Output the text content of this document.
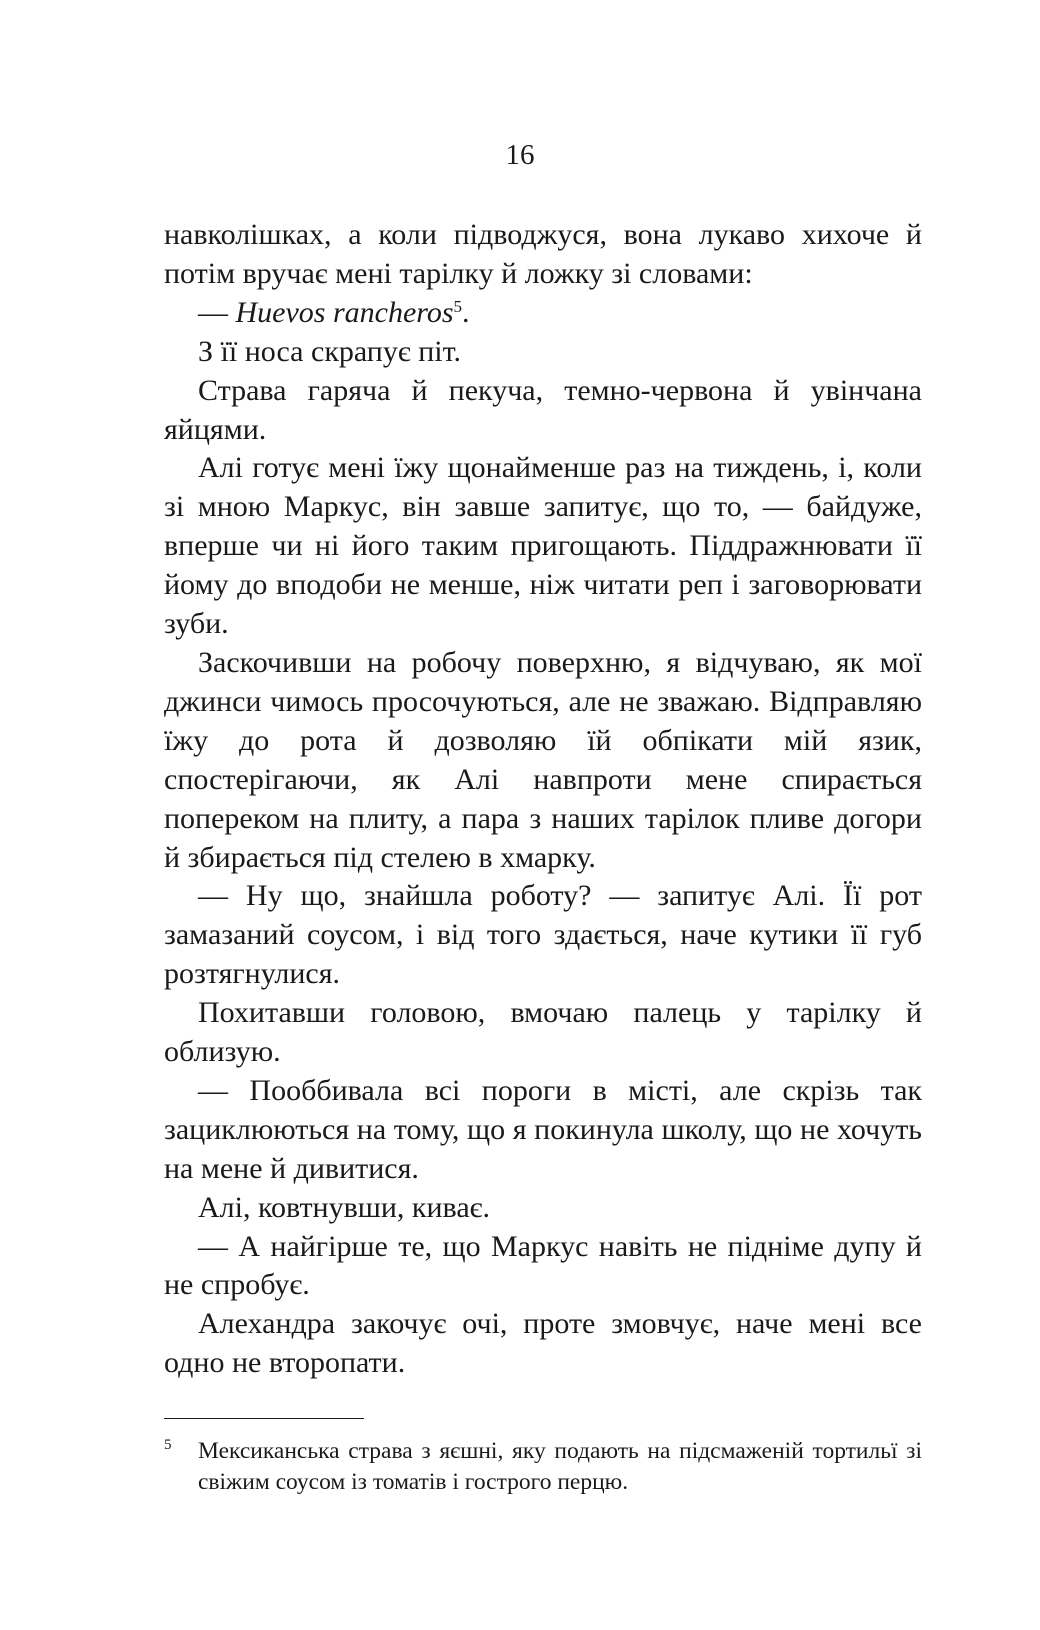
16

навколішках, а коли підводжуся, вона лукаво хихоче й потім вручає мені тарілку й ложку зі словами:

— Huevos rancheros$^5$.

З її носа скрапує піт.

Страва гаряча й пекуча, темно-червона й увінчана яйцями.

Алі готує мені їжу щонайменше раз на тиждень, і, коли зі мною Маркус, він завше запитує, що то, — байдуже, вперше чи ні його таким пригощають. Піддражнювати її йому до вподоби не менше, ніж читати реп і заговорювати зуби.

Заскочивши на робочу поверхню, я відчуваю, як мої джинси чимось просочуються, але не зважаю. Відправляю їжу до рота й дозволяю їй обпікати мій язик, спостерігаючи, як Алі навпроти мене спирається попереком на плиту, а пара з наших тарілок пливе догори й збирається під стелею в хмарку.

— Ну що, знайшла роботу? — запитує Алі. Її рот замазаний соусом, і від того здається, наче кутики її губ розтягнулися.

Похитавши головою, вмочаю палець у тарілку й облизую.

— Пооббивала всі пороги в місті, але скрізь так зациклюються на тому, що я покинула школу, що не хочуть на мене й дивитися.

Алі, ковтнувши, киває.

— А найгірше те, що Маркус навіть не підніме дупу й не спробує.

Алехандра закочує очі, проте змовчує, наче мені все одно не второпати.

5 Мексиканська страва з яєшні, яку подають на підсмаженій тортильї зі свіжим соусом із томатів і гострого перцю.
